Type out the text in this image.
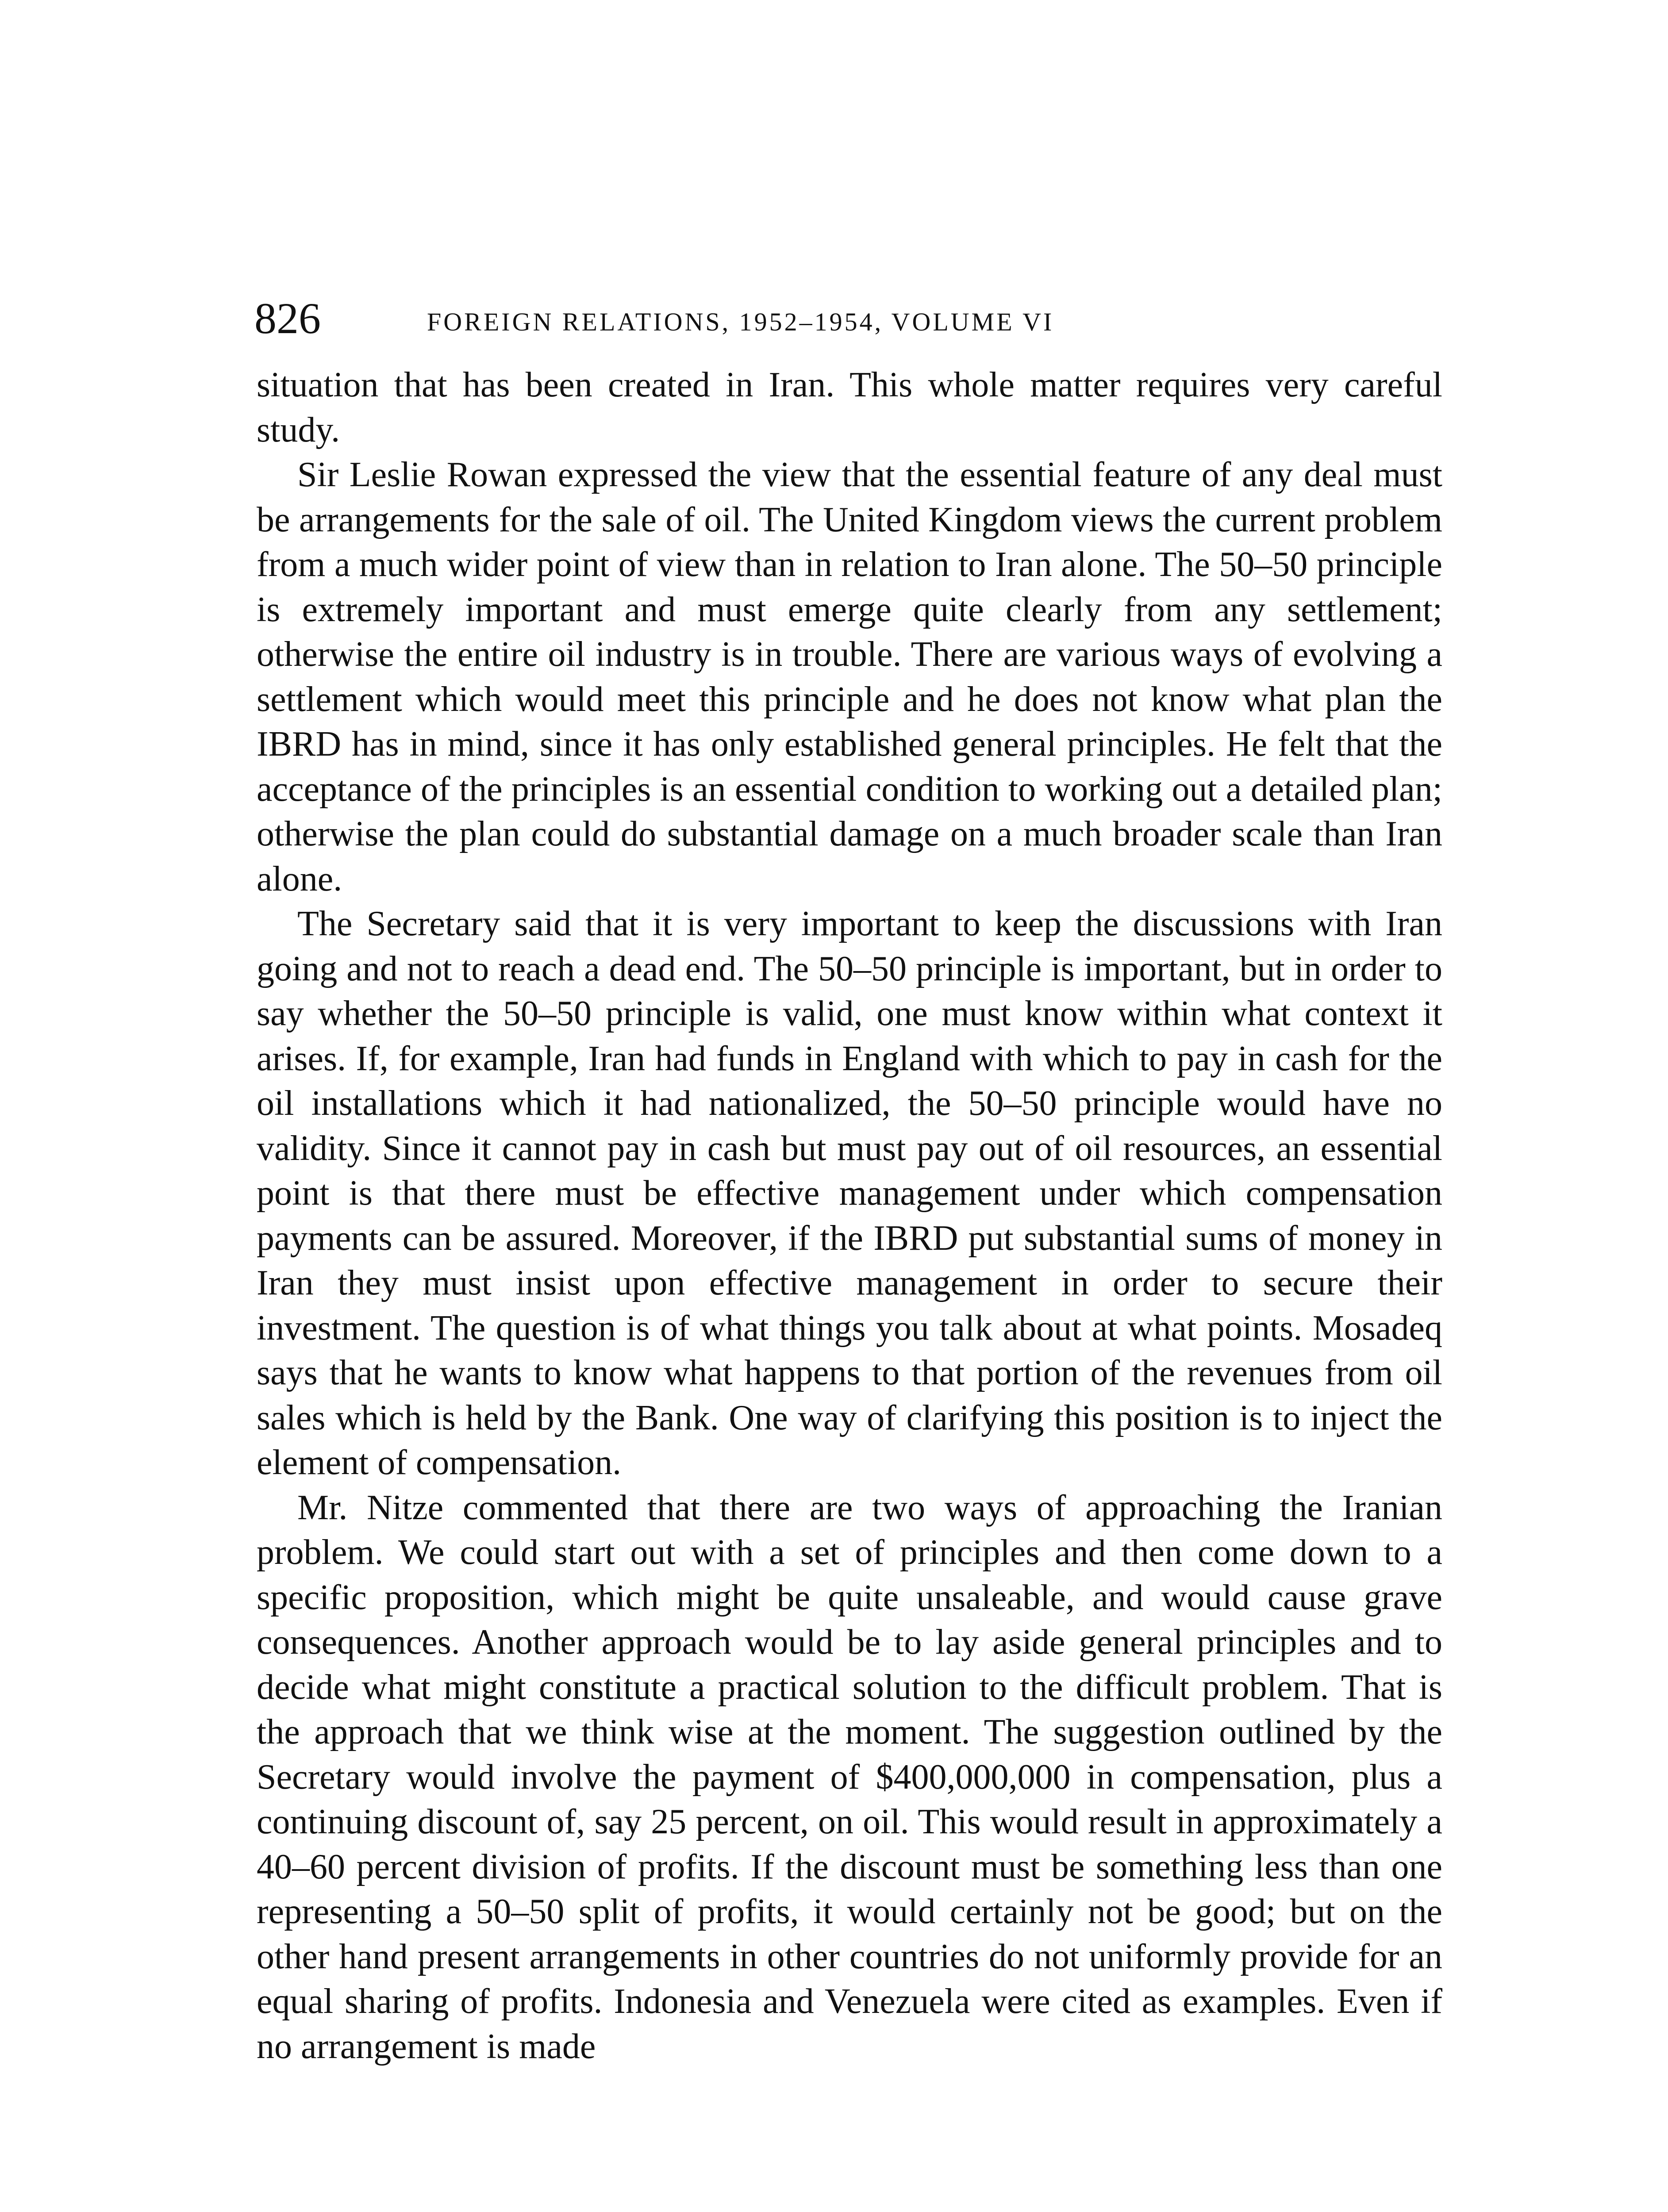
826	FOREIGN RELATIONS, 1952–1954, VOLUME VI

situation that has been created in Iran. This whole matter requires very careful study.

Sir Leslie Rowan expressed the view that the essential feature of any deal must be arrangements for the sale of oil. The United Kingdom views the current problem from a much wider point of view than in relation to Iran alone. The 50–50 principle is extremely important and must emerge quite clearly from any settlement; otherwise the entire oil industry is in trouble. There are various ways of evolving a settlement which would meet this principle and he does not know what plan the IBRD has in mind, since it has only established general principles. He felt that the acceptance of the principles is an essential condition to working out a detailed plan; otherwise the plan could do substantial damage on a much broader scale than Iran alone.

The Secretary said that it is very important to keep the discussions with Iran going and not to reach a dead end. The 50–50 principle is important, but in order to say whether the 50–50 principle is valid, one must know within what context it arises. If, for example, Iran had funds in England with which to pay in cash for the oil installations which it had nationalized, the 50–50 principle would have no validity. Since it cannot pay in cash but must pay out of oil resources, an essential point is that there must be effective management under which compensation payments can be assured. Moreover, if the IBRD put substantial sums of money in Iran they must insist upon effective management in order to secure their investment. The question is of what things you talk about at what points. Mosadeq says that he wants to know what happens to that portion of the revenues from oil sales which is held by the Bank. One way of clarifying this position is to inject the element of compensation.

Mr. Nitze commented that there are two ways of approaching the Iranian problem. We could start out with a set of principles and then come down to a specific proposition, which might be quite unsaleable, and would cause grave consequences. Another approach would be to lay aside general principles and to decide what might constitute a practical solution to the difficult problem. That is the approach that we think wise at the moment. The suggestion outlined by the Secretary would involve the payment of $400,000,000 in compensation, plus a continuing discount of, say 25 percent, on oil. This would result in approximately a 40–60 percent division of profits. If the discount must be something less than one representing a 50–50 split of profits, it would certainly not be good; but on the other hand present arrangements in other countries do not uniformly provide for an equal sharing of profits. Indonesia and Venezuela were cited as examples. Even if no arrangement is made
